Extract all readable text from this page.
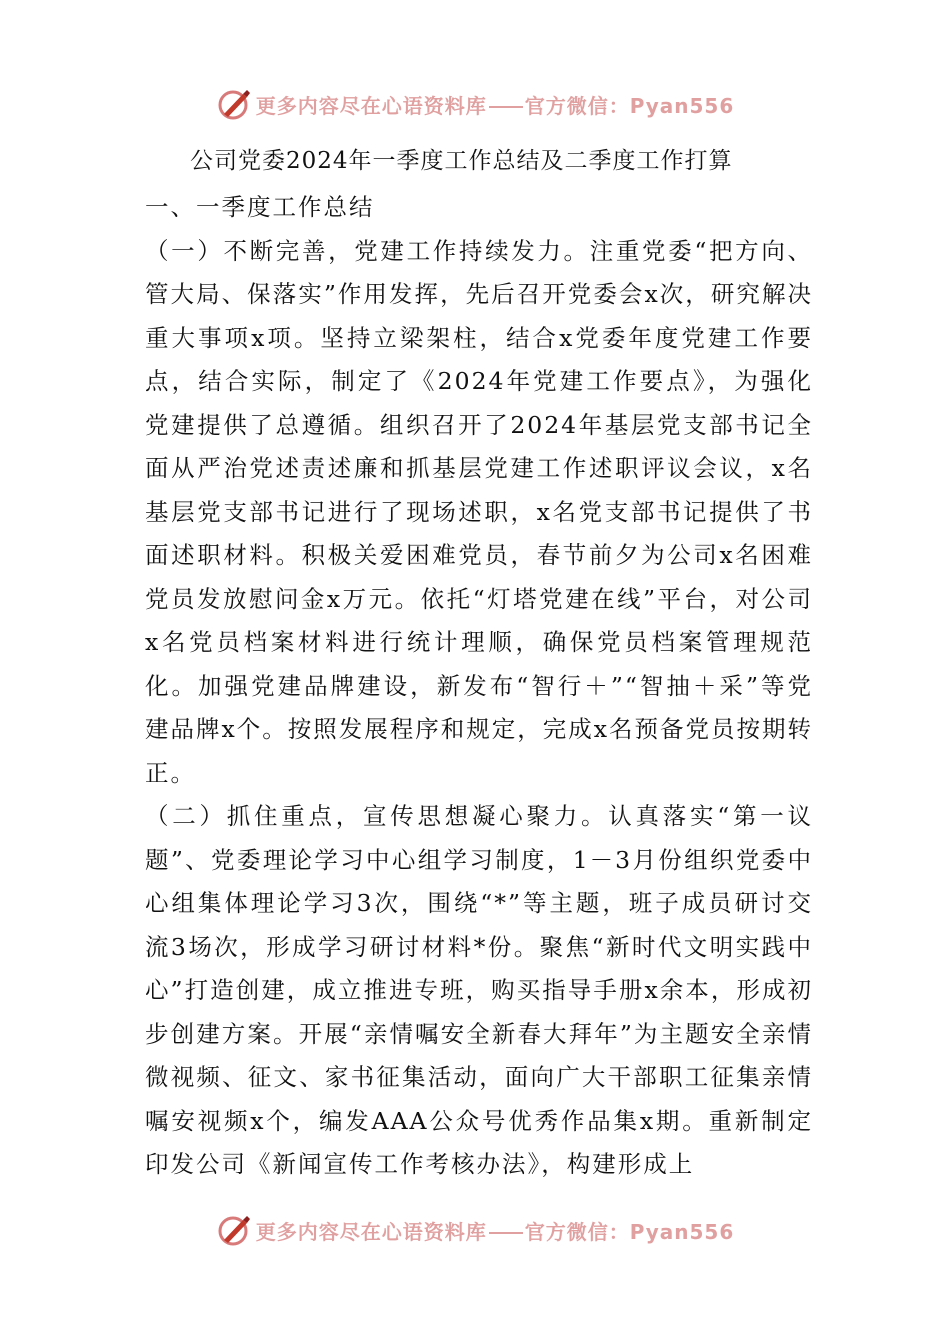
更多内容尽在心语资料库 官方微信：Pyan556
公司党委2024年一季度工作总结及二季度工作打算

一、一季度工作总结

（一）不断完善，党建工作持续发力。注重党委“把方向、管大局、保落实”作用发挥，先后召开党委会x次，研究解决重大事项x项。坚持立梁架柱，结合x党委年度党建工作要点，结合实际，制定了《2024年党建工作要点》，为强化党建提供了总遵循。组织召开了2024年基层党支部书记全面从严治党述责述廉和抓基层党建工作述职评议会议，x名基层党支部书记进行了现场述职，x名党支部书记提供了书面述职材料。积极关爱困难党员，春节前夕为公司x名困难党员发放慰问金x万元。依托“灯塔党建在线”平台，对公司x名党员档案材料进行统计理顺，确保党员档案管理规范化。加强党建品牌建设，新发布“智行＋”“智抽＋采”等党建品牌x个。按照发展程序和规定，完成x名预备党员按期转正。

（二）抓住重点，宣传思想凝心聚力。认真落实“第一议题”、党委理论学习中心组学习制度，1－3月份组织党委中心组集体理论学习3次，围绕“*”等主题，班子成员研讨交流3场次，形成学习研讨材料*份。聚焦“新时代文明实践中心”打造创建，成立推进专班，购买指导手册x余本，形成初步创建方案。开展“亲情嘱安全新春大拜年”为主题安全亲情微视频、征文、家书征集活动，面向广大干部职工征集亲情嘱安视频x个，编发AAA公众号优秀作品集x期。重新制定印发公司《新闻宣传工作考核办法》，构建形成上

更多内容尽在心语资料库 官方微信：Pyan556
